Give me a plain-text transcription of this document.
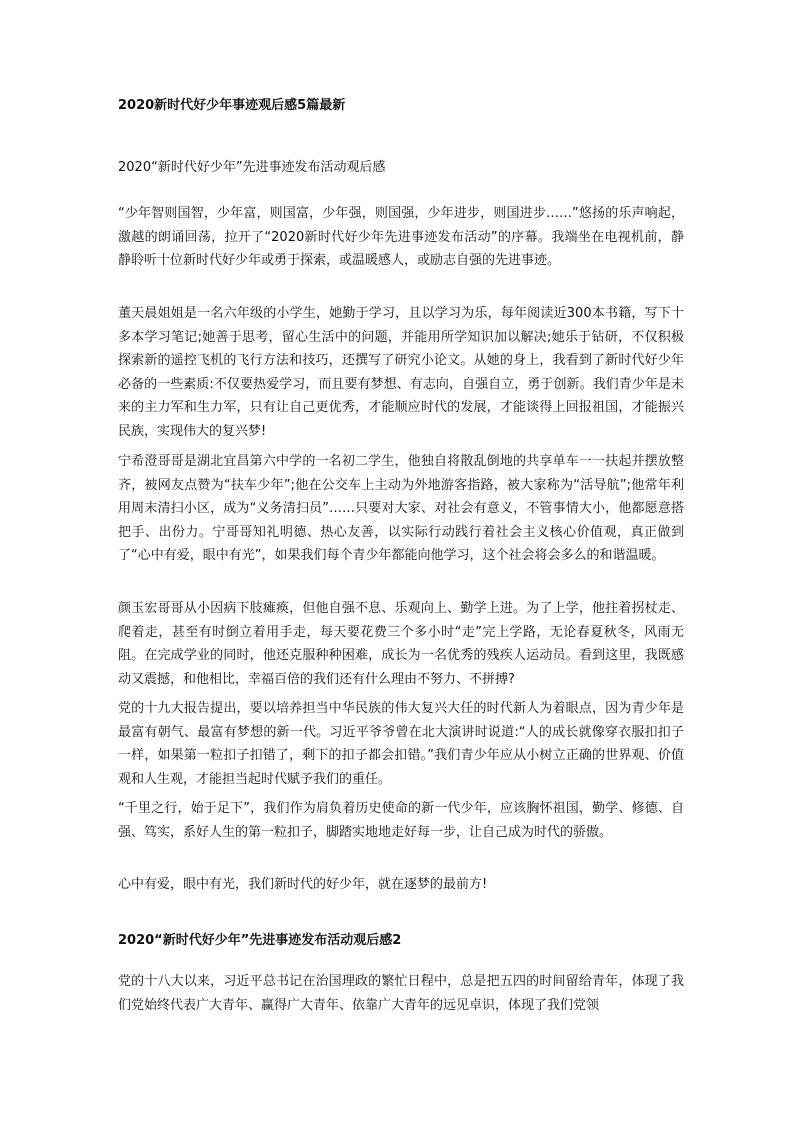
2020新时代好少年事迹观后感5篇最新
2020“新时代好少年”先进事迹发布活动观后感

“少年智则国智，少年富，则国富，少年强，则国强，少年进步，则国进步……”悠扬的乐声响起，激越的朗诵回荡，拉开了“2020新时代好少年先进事迹发布活动”的序幕。我端坐在电视机前，静静聆听十位新时代好少年或勇于探索，或温暖感人，或励志自强的先进事迹。

董天晨姐姐是一名六年级的小学生，她勤于学习，且以学习为乐，每年阅读近300本书籍，写下十多本学习笔记;她善于思考，留心生活中的问题，并能用所学知识加以解决;她乐于钻研，不仅积极探索新的遥控飞机的飞行方法和技巧，还撰写了研究小论文。从她的身上，我看到了新时代好少年必备的一些素质:不仅要热爱学习，而且要有梦想、有志向，自强自立，勇于创新。我们青少年是未来的主力军和生力军，只有让自己更优秀，才能顺应时代的发展，才能谈得上回报祖国，才能振兴民族，实现伟大的复兴梦!

宁希澄哥哥是湖北宜昌第六中学的一名初二学生，他独自将散乱倒地的共享单车一一扶起并摆放整齐，被网友点赞为“扶车少年”;他在公交车上主动为外地游客指路，被大家称为“活导航”;他常年利用周末清扫小区，成为“义务清扫员”……只要对大家、对社会有意义，不管事情大小，他都愿意搭把手、出份力。宁哥哥知礼明德、热心友善，以实际行动践行着社会主义核心价值观，真正做到了“心中有爱，眼中有光”，如果我们每个青少年都能向他学习，这个社会将会多么的和谐温暖。

颜玉宏哥哥从小因病下肢瘫痪，但他自强不息、乐观向上、勤学上进。为了上学，他拄着拐杖走、爬着走，甚至有时倒立着用手走，每天要花费三个多小时“走”完上学路，无论春夏秋冬，风雨无阻。在完成学业的同时，他还克服种种困难，成长为一名优秀的残疾人运动员。看到这里，我既感动又震撼，和他相比，幸福百倍的我们还有什么理由不努力、不拼搏?

党的十九大报告提出，要以培养担当中华民族的伟大复兴大任的时代新人为着眼点，因为青少年是最富有朝气、最富有梦想的新一代。习近平爷爷曾在北大演讲时说道:“人的成长就像穿衣服扣扣子一样，如果第一粒扣子扣错了，剩下的扣子都会扣错。”我们青少年应从小树立正确的世界观、价值观和人生观，才能担当起时代赋予我们的重任。

“千里之行，始于足下”，我们作为肩负着历史使命的新一代少年，应该胸怀祖国，勤学、修德、自强、笃实，系好人生的第一粒扣子，脚踏实地地走好每一步，让自己成为时代的骄傲。

心中有爱，眼中有光，我们新时代的好少年，就在逐梦的最前方!

2020“新时代好少年”先进事迹发布活动观后感2

党的十八大以来，习近平总书记在治国理政的繁忙日程中，总是把五四的时间留给青年，体现了我们党始终代表广大青年、赢得广大青年、依靠广大青年的远见卓识，体现了我们党领
